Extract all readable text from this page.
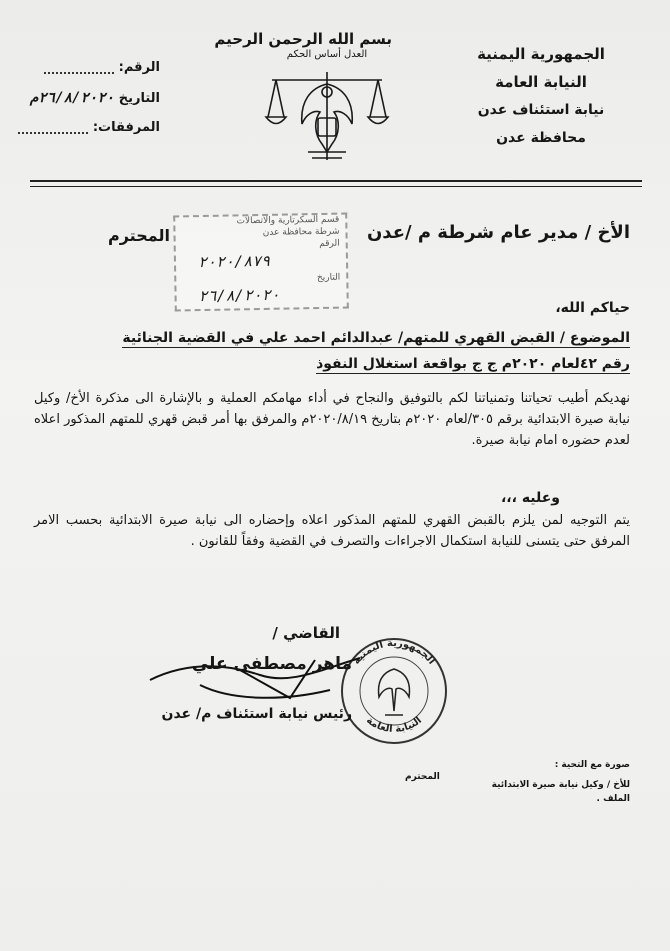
الجمهورية اليمنية
النيابة العامة
نيابة استئناف عدن
محافظة عدن
بسم الله الرحمن الرحيم
العدل أساس الحكم
الرقم:
التاريخ ٢٦/٨/٢٠٢٠م
المرفقات:
الأخ / مدير عام شرطة م /عدن
المحترم
قسم السكرتارية والاتصالات
شرطة محافظة عدن
الرقم
٢٠٢٠/٨٧٩
التاريخ
٢٦/٨/٢٠٢٠
حياكم الله،
الموضوع / القبض القهري للمتهم/ عبدالدائم احمد علي في القضية الجنائية
رقم ٤٢لعام ٢٠٢٠م ج ج بواقعة استغلال النفوذ
نهديكم أطيب تحياتنا وتمنياتنا لكم بالتوفيق والنجاح في أداء مهامكم العملية و بالإشارة الى مذكرة الأخ/ وكيل نيابة صيرة الابتدائية برقم ٣٠٥/لعام ٢٠٢٠م بتاريخ ٢٠٢٠/٨/١٩م والمرفق بها أمر قبض قهري للمتهم المذكور اعلاه لعدم حضوره امام نيابة صيرة.
وعليه ،،،
يتم التوجيه لمن يلزم بالقبض القهري للمتهم المذكور اعلاه وإحضاره الى نيابة صيرة الابتدائية بحسب الامر المرفق حتى يتسنى للنيابة استكمال الاجراءات والتصرف في القضية وفقاً للقانون .
الجمهورية اليمنية
النيابة العامة
القاضي /
ماهر مصطفى علي
رئيس نيابة استئناف م/ عدن
صورة مع التحية :
للأخ / وكيل نيابة صيرة الابتدائية
الملف .
المحترم
